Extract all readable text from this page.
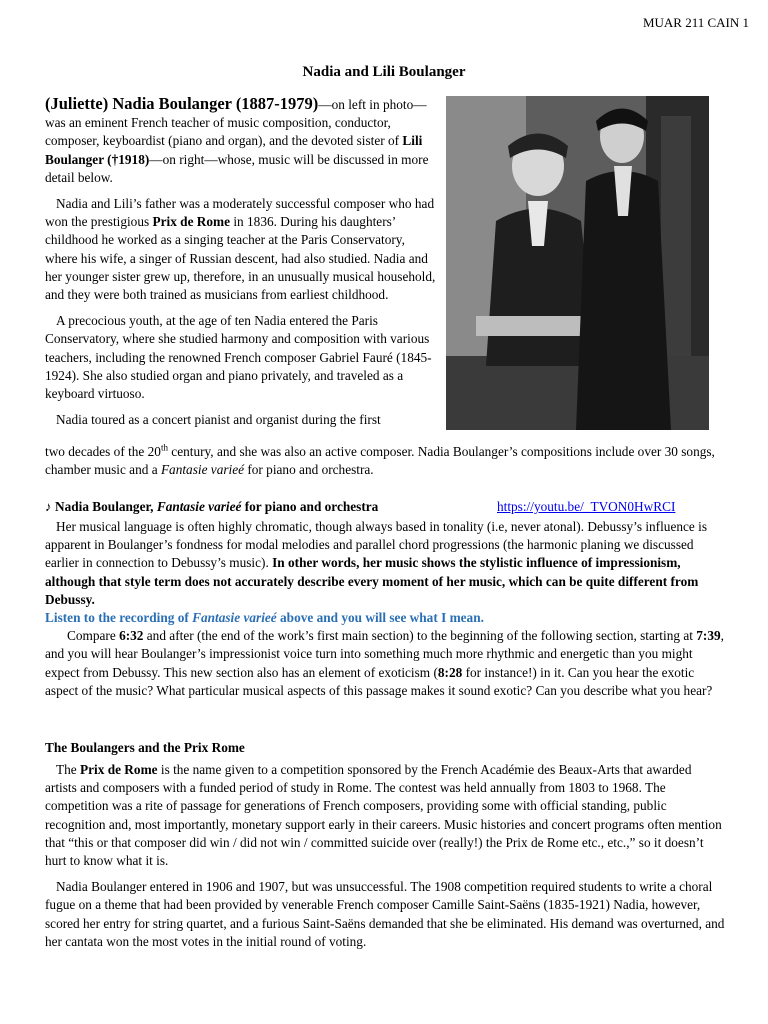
MUAR 211 CAIN 1
Nadia and Lili Boulanger

(Juliette) Nadia Boulanger (1887-1979)—on left in photo—was an eminent French teacher of music composition, conductor, composer, keyboardist (piano and organ), and the devoted sister of Lili Boulanger (†1918)—on right—whose, music will be discussed in more detail below.

Nadia and Lili’s father was a moderately successful composer who had won the prestigious Prix de Rome in 1836. During his daughters’ childhood he worked as a singing teacher at the Paris Conservatory, where his wife, a singer of Russian descent, had also studied. Nadia and her younger sister grew up, therefore, in an unusually musical household, and they were both trained as musicians from earliest childhood.

A precocious youth, at the age of ten Nadia entered the Paris Conservatory, where she studied harmony and composition with various teachers, including the renowned French composer Gabriel Fauré (1845-1924). She also studied organ and piano privately, and traveled as a keyboard virtuoso.

Nadia toured as a concert pianist and organist during the first

two decades of the 20th century, and she was also an active composer. Nadia Boulanger’s compositions include over 30 songs, chamber music and a Fantasie varieé for piano and orchestra.

♪ Nadia Boulanger, Fantasie varieé for piano and orchestra	https://youtu.be/_TVON0HwRCI

Her musical language is often highly chromatic, though always based in tonality (i.e, never atonal). Debussy’s influence is apparent in Boulanger’s fondness for modal melodies and parallel chord progressions (the harmonic planing we discussed earlier in connection to Debussy’s music). In other words, her music shows the stylistic influence of impressionism, although that style term does not accurately describe every moment of her music, which can be quite different from Debussy.

Listen to the recording of Fantasie varieé above and you will see what I mean.

Compare 6:32 and after (the end of the work’s first main section) to the beginning of the following section, starting at 7:39, and you will hear Boulanger’s impressionist voice turn into something much more rhythmic and energetic than you might expect from Debussy. This new section also has an element of exoticism (8:28 for instance!) in it. Can you hear the exotic aspect of the music? What particular musical aspects of this passage makes it sound exotic? Can you describe what you hear?

The Boulangers and the Prix Rome

The Prix de Rome is the name given to a competition sponsored by the French Académie des Beaux-Arts that awarded artists and composers with a funded period of study in Rome. The contest was held annually from 1803 to 1968. The competition was a rite of passage for generations of French composers, providing some with official standing, public recognition and, most importantly, monetary support early in their careers. Music histories and concert programs often mention that “this or that composer did win / did not win / committed suicide over (really!) the Prix de Rome etc., etc.,” so it doesn’t hurt to know what it is.

Nadia Boulanger entered in 1906 and 1907, but was unsuccessful. The 1908 competition required students to write a choral fugue on a theme that had been provided by venerable French composer Camille Saint-Saëns (1835-1921) Nadia, however, scored her entry for string quartet, and a furious Saint-Saëns demanded that she be eliminated. His demand was overturned, and her cantata won the most votes in the initial round of voting.
